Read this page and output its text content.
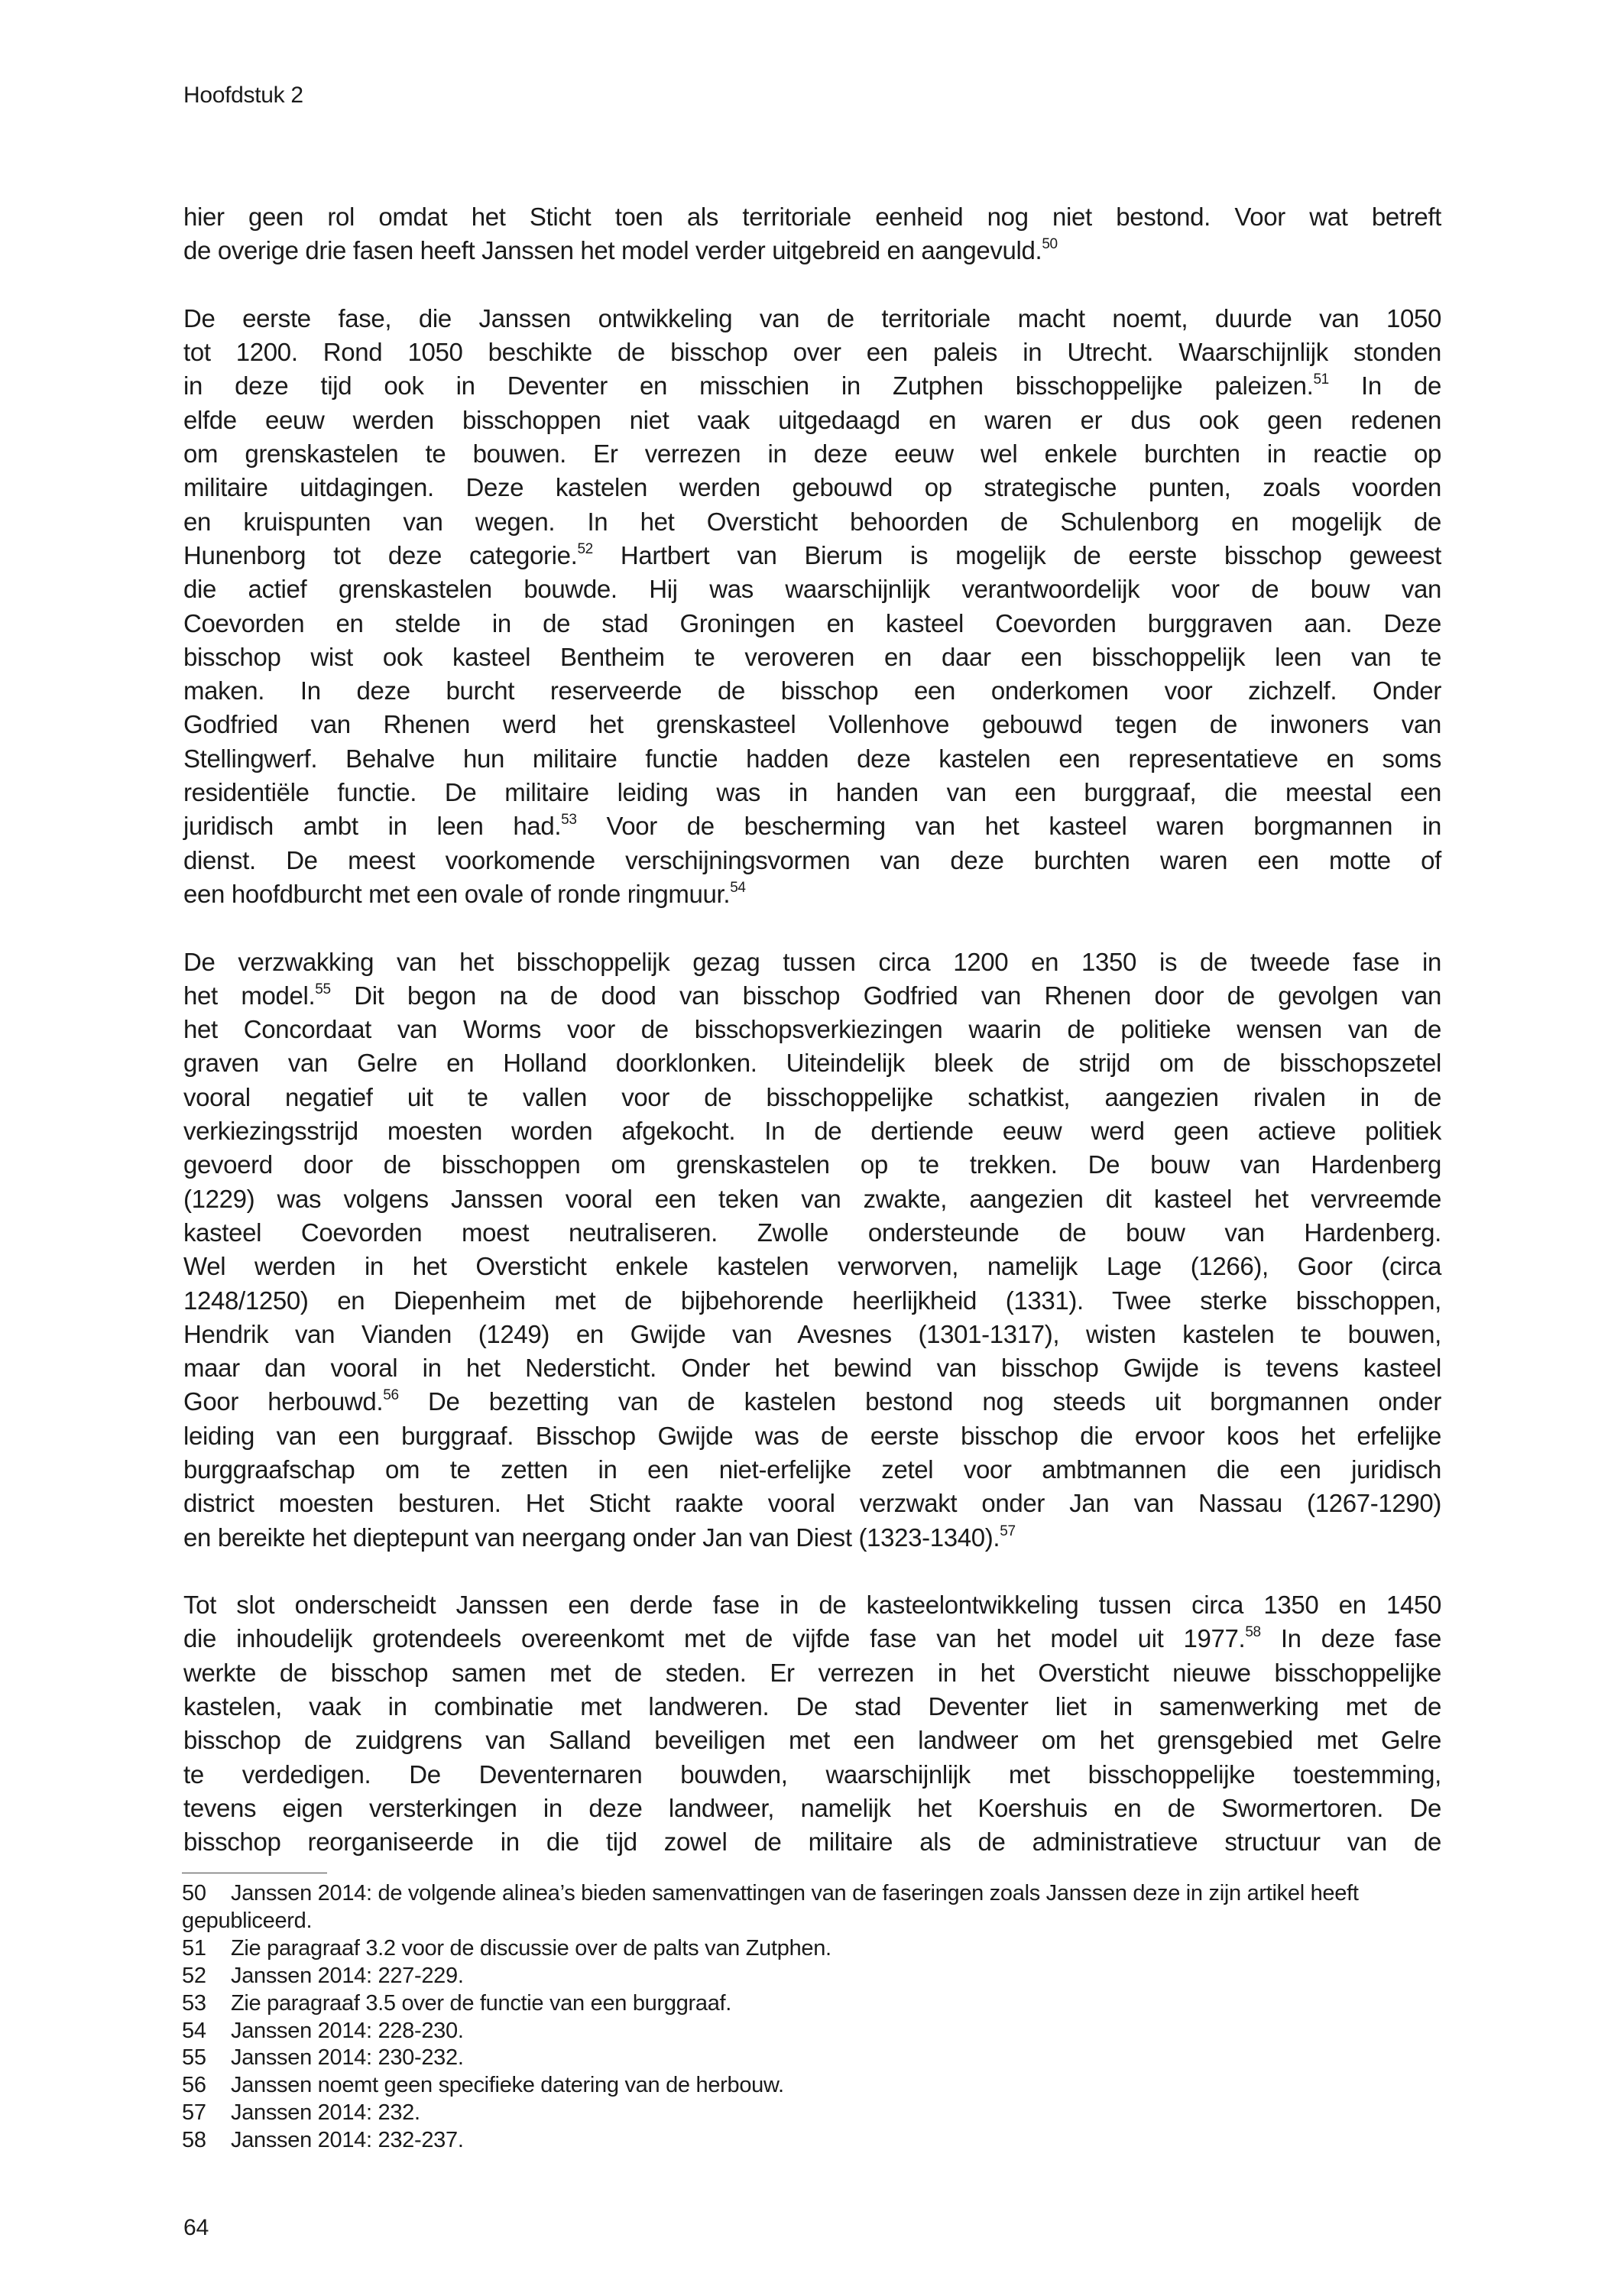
Hoofdstuk 2
hier geen rol omdat het Sticht toen als territoriale eenheid nog niet bestond. Voor wat betreft
de overige drie fasen heeft Janssen het model verder uitgebreid en aangevuld.$^{50}$
De eerste fase, die Janssen ontwikkeling van de territoriale macht noemt, duurde van 1050
tot 1200. Rond 1050 beschikte de bisschop over een paleis in Utrecht. Waarschijnlijk stonden
in deze tijd ook in Deventer en misschien in Zutphen bisschoppelijke paleizen.$^{51}$ In de
elfde eeuw werden bisschoppen niet vaak uitgedaagd en waren er dus ook geen redenen
om grenskastelen te bouwen. Er verrezen in deze eeuw wel enkele burchten in reactie op
militaire uitdagingen. Deze kastelen werden gebouwd op strategische punten, zoals voorden
en kruispunten van wegen. In het Oversticht behoorden de Schulenborg en mogelijk de
Hunenborg tot deze categorie.$^{52}$ Hartbert van Bierum is mogelijk de eerste bisschop geweest
die actief grenskastelen bouwde. Hij was waarschijnlijk verantwoordelijk voor de bouw van
Coevorden en stelde in de stad Groningen en kasteel Coevorden burggraven aan. Deze
bisschop wist ook kasteel Bentheim te veroveren en daar een bisschoppelijk leen van te
maken. In deze burcht reserveerde de bisschop een onderkomen voor zichzelf. Onder
Godfried van Rhenen werd het grenskasteel Vollenhove gebouwd tegen de inwoners van
Stellingwerf. Behalve hun militaire functie hadden deze kastelen een representatieve en soms
residentiële functie. De militaire leiding was in handen van een burggraaf, die meestal een
juridisch ambt in leen had.$^{53}$ Voor de bescherming van het kasteel waren borgmannen in
dienst. De meest voorkomende verschijningsvormen van deze burchten waren een motte of
een hoofdburcht met een ovale of ronde ringmuur.$^{54}$
De verzwakking van het bisschoppelijk gezag tussen circa 1200 en 1350 is de tweede fase in
het model.$^{55}$ Dit begon na de dood van bisschop Godfried van Rhenen door de gevolgen van
het Concordaat van Worms voor de bisschopsverkiezingen waarin de politieke wensen van de
graven van Gelre en Holland doorklonken. Uiteindelijk bleek de strijd om de bisschopszetel
vooral negatief uit te vallen voor de bisschoppelijke schatkist, aangezien rivalen in de
verkiezingsstrijd moesten worden afgekocht. In de dertiende eeuw werd geen actieve politiek
gevoerd door de bisschoppen om grenskastelen op te trekken. De bouw van Hardenberg
(1229) was volgens Janssen vooral een teken van zwakte, aangezien dit kasteel het vervreemde
kasteel Coevorden moest neutraliseren. Zwolle ondersteunde de bouw van Hardenberg.
Wel werden in het Oversticht enkele kastelen verworven, namelijk Lage (1266), Goor (circa
1248/1250) en Diepenheim met de bijbehorende heerlijkheid (1331). Twee sterke bisschoppen,
Hendrik van Vianden (1249) en Gwijde van Avesnes (1301-1317), wisten kastelen te bouwen,
maar dan vooral in het Nedersticht. Onder het bewind van bisschop Gwijde is tevens kasteel
Goor herbouwd.$^{56}$ De bezetting van de kastelen bestond nog steeds uit borgmannen onder
leiding van een burggraaf. Bisschop Gwijde was de eerste bisschop die ervoor koos het erfelijke
burggraafschap om te zetten in een niet-erfelijke zetel voor ambtmannen die een juridisch
district moesten besturen. Het Sticht raakte vooral verzwakt onder Jan van Nassau (1267-1290)
en bereikte het dieptepunt van neergang onder Jan van Diest (1323-1340).$^{57}$
Tot slot onderscheidt Janssen een derde fase in de kasteelontwikkeling tussen circa 1350 en 1450
die inhoudelijk grotendeels overeenkomt met de vijfde fase van het model uit 1977.58 In deze fase
werkte de bisschop samen met de steden. Er verrezen in het Oversticht nieuwe bisschoppelijke
kastelen, vaak in combinatie met landweren. De stad Deventer liet in samenwerking met de
bisschop de zuidgrens van Salland beveiligen met een landweer om het grensgebied met Gelre
te verdedigen. De Deventernaren bouwden, waarschijnlijk met bisschoppelijke toestemming,
tevens eigen versterkingen in deze landweer, namelijk het Koershuis en de Swormertoren. De
bisschop reorganiseerde in die tijd zowel de militaire als de administratieve structuur van de
50 Janssen 2014: de volgende alinea’s bieden samenvattingen van de faseringen zoals Janssen deze in zijn artikel heeft gepubliceerd.
51 Zie paragraaf 3.2 voor de discussie over de palts van Zutphen.
52 Janssen 2014: 227-229.
53 Zie paragraaf 3.5 over de functie van een burggraaf.
54 Janssen 2014: 228-230.
55 Janssen 2014: 230-232.
56 Janssen noemt geen specifieke datering van de herbouw.
57 Janssen 2014: 232.
58 Janssen 2014: 232-237.
64
